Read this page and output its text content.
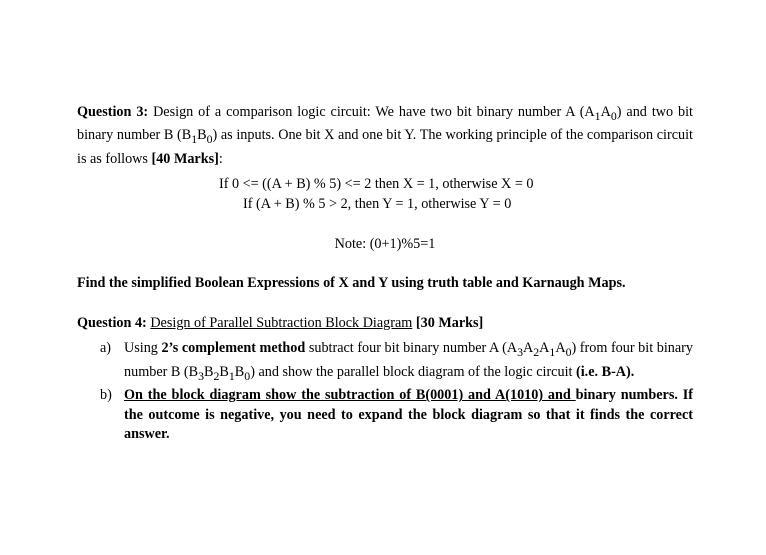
Question 3: Design of a comparison logic circuit: We have two bit binary number A $(A_1A_0)$ and two bit binary number B $(B_1B_0)$ as inputs. One bit X and one bit Y. The working principle of the comparison circuit is as follows [40 Marks]:

If 0 <= ((A + B) % 5) <= 2 then X = 1, otherwise X = 0

If (A + B) % 5 > 2, then Y = 1, otherwise Y = 0

Note: (0+1)%5=1

Find the simplified Boolean Expressions of X and Y using truth table and Karnaugh Maps.

Question 4: Design of Parallel Subtraction Block Diagram [30 Marks]

a) Using 2’s complement method subtract four bit binary number A $(A_3A_2A_1A_0)$ from four bit binary number B $(B_3B_2B_1B_0)$ and show the parallel block diagram of the logic circuit (i.e. B-A).
b) On the block diagram show the subtraction of B(0001) and A(1010) and binary numbers. If the outcome is negative, you need to expand the block diagram so that it finds the correct answer.
